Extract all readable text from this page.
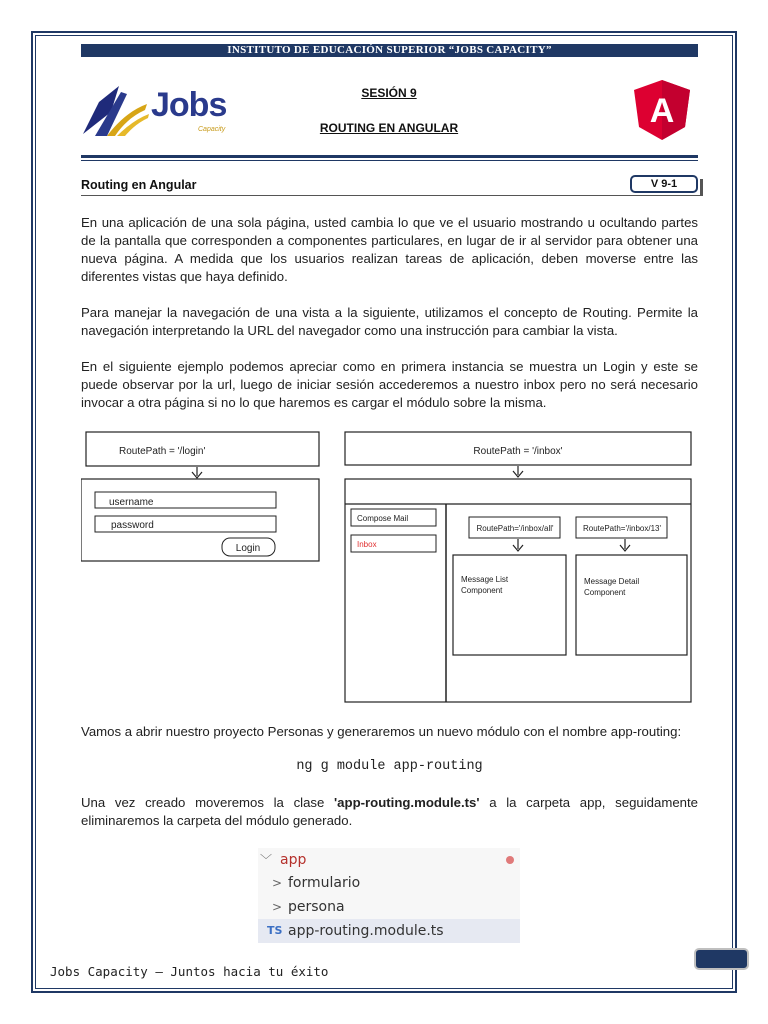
INSTITUTO DE EDUCACIÓN SUPERIOR “JOBS CAPACITY”
Jobs
Capacity
SESIÓN 9
ROUTING EN ANGULAR	A
Routing en Angular	V 9-1

En una aplicación de una sola página, usted cambia lo que ve el usuario mostrando u ocultando partes de la pantalla que corresponden a componentes particulares, en lugar de ir al servidor para obtener una nueva página. A medida que los usuarios realizan tareas de aplicación, deben moverse entre las diferentes vistas que haya definido.

Para manejar la navegación de una vista a la siguiente, utilizamos el concepto de Routing. Permite la navegación interpretando la URL del navegador como una instrucción para cambiar la vista.

En el siguiente ejemplo podemos apreciar como en primera instancia se muestra un Login y este se puede observar por la url, luego de iniciar sesión accederemos a nuestro inbox pero no será necesario invocar a otra página si no lo que haremos es cargar el módulo sobre la misma.

RoutePath = '/login'
username
password
Login
RoutePath = '/inbox'
Compose Mail
Inbox
RoutePath='/inbox/all'
Message List
Component
RoutePath='/inbox/13'
Message Detail
Component

Vamos a abrir nuestro proyecto Personas y generaremos un nuevo módulo con el nombre app-routing:

ng g module app-routing

Una vez creado moveremos la clase 'app-routing.module.ts' a la carpeta app, seguidamente eliminaremos la carpeta del módulo generado.

﹀ app
> formulario
> persona
TS app-routing.module.ts
Jobs Capacity – Juntos hacia tu éxito
